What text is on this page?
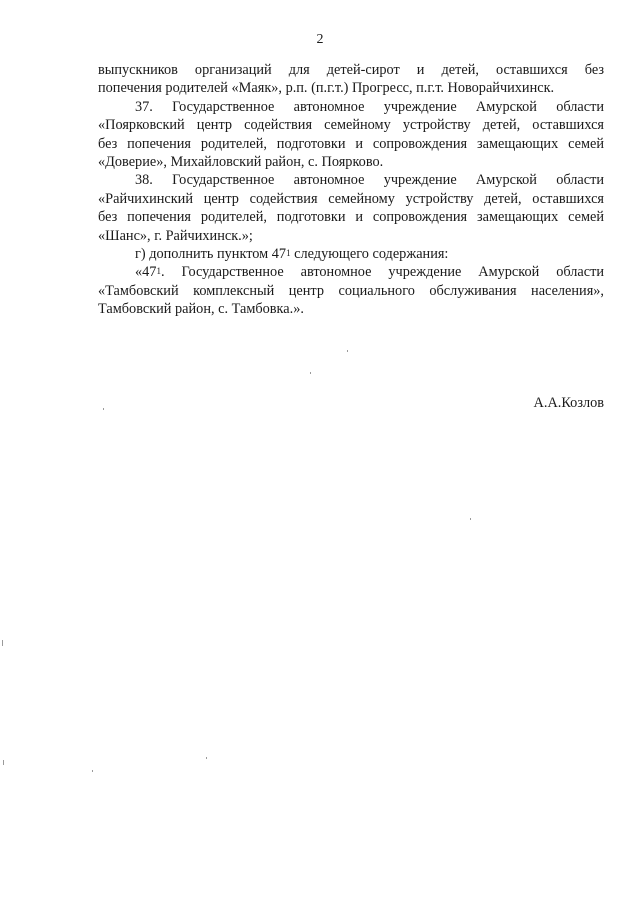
2

выпускников организаций для детей-сирот и детей, оставшихся без
попечения родителей «Маяк», р.п. (п.г.т.) Прогресс, п.г.т. Новорайчихинск.

37. Государственное автономное учреждение Амурской области
«Поярковский центр содействия семейному устройству детей, оставшихся
без попечения родителей, подготовки и сопровождения замещающих семей
«Доверие», Михайловский район, с. Поярково.

38. Государственное автономное учреждение Амурской области
«Райчихинский центр содействия семейному устройству детей, оставшихся
без попечения родителей, подготовки и сопровождения замещающих семей
«Шанс», г. Райчихинск.»;

г) дополнить пунктом $47^1$ следующего содержания:

«$47^1$. Государственное автономное учреждение Амурской области
«Тамбовский комплексный центр социального обслуживания населения»,
Тамбовский район, с. Тамбовка.».

А.А.Козлов
